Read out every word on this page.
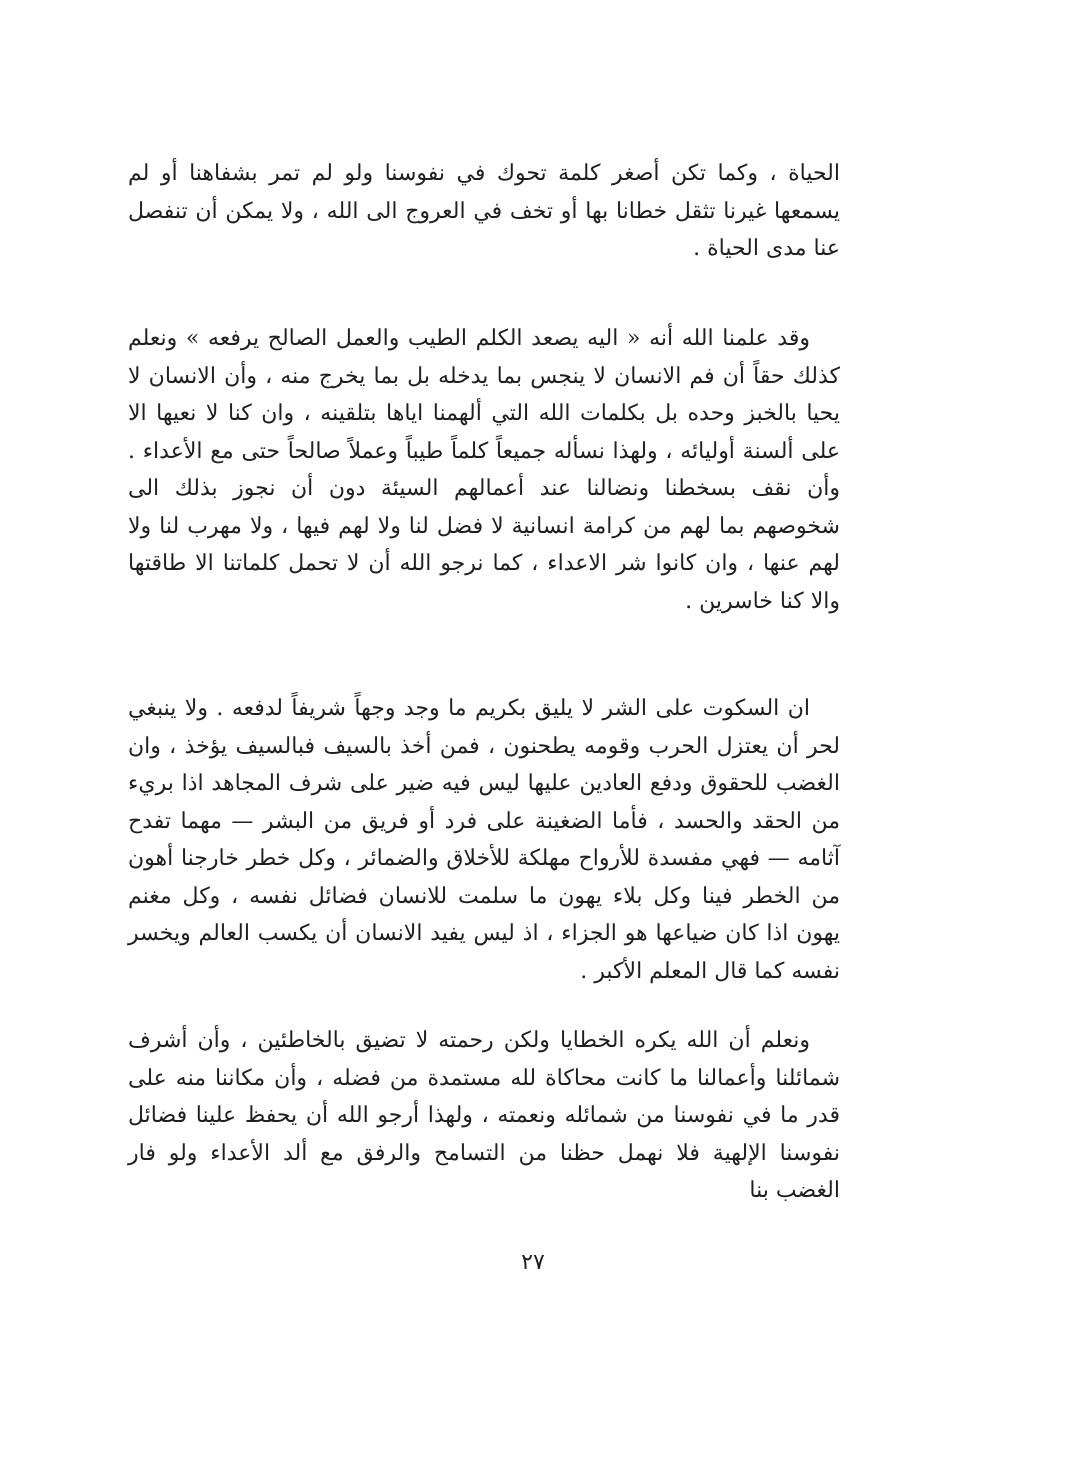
الحياة ، وكما تكن أصغر كلمة تحوك في نفوسنا ولو لم تمر بشفاهنا أو لم يسمعها غيرنا تثقل خطانا بها أو تخف في العروج الى الله ، ولا يمكن أن تنفصل عنا مدى الحياة .

وقد علمنا الله أنه « اليه يصعد الكلم الطيب والعمل الصالح يرفعه » ونعلم كذلك حقاً أن فم الانسان لا ينجس بما يدخله بل بما يخرج منه ، وأن الانسان لا يحيا بالخبز وحده بل بكلمات الله التي ألهمنا اياها بتلقينه ، وان كنا لا نعيها الا على ألسنة أوليائه ، ولهذا نسأله جميعاً كلماً طيباً وعملاً صالحاً حتى مع الأعداء . وأن نقف بسخطنا ونضالنا عند أعمالهم السيئة دون أن نجوز بذلك الى شخوصهم بما لهم من كرامة انسانية لا فضل لنا ولا لهم فيها ، ولا مهرب لنا ولا لهم عنها ، وان كانوا شر الاعداء ، كما نرجو الله أن لا تحمل كلماتنا الا طاقتها والا كنا خاسرين .

ان السكوت على الشر لا يليق بكريم ما وجد وجهاً شريفاً لدفعه . ولا ينبغي لحر أن يعتزل الحرب وقومه يطحنون ، فمن أخذ بالسيف فبالسيف يؤخذ ، وان الغضب للحقوق ودفع العادين عليها ليس فيه ضير على شرف المجاهد اذا بريء من الحقد والحسد ، فأما الضغينة على فرد أو فريق من البشر — مهما تفدح آثامه — فهي مفسدة للأرواح مهلكة للأخلاق والضمائر ، وكل خطر خارجنا أهون من الخطر فينا وكل بلاء يهون ما سلمت للانسان فضائل نفسه ، وكل مغنم يهون اذا كان ضياعها هو الجزاء ، اذ ليس يفيد الانسان أن يكسب العالم ويخسر نفسه كما قال المعلم الأكبر .

ونعلم أن الله يكره الخطايا ولكن رحمته لا تضيق بالخاطئين ، وأن أشرف شمائلنا وأعمالنا ما كانت محاكاة لله مستمدة من فضله ، وأن مكاننا منه على قدر ما في نفوسنا من شمائله ونعمته ، ولهذا أرجو الله أن يحفظ علينا فضائل نفوسنا الإلهية فلا نهمل حظنا من التسامح والرفق مع ألد الأعداء ولو فار الغضب بنا

٢٧
